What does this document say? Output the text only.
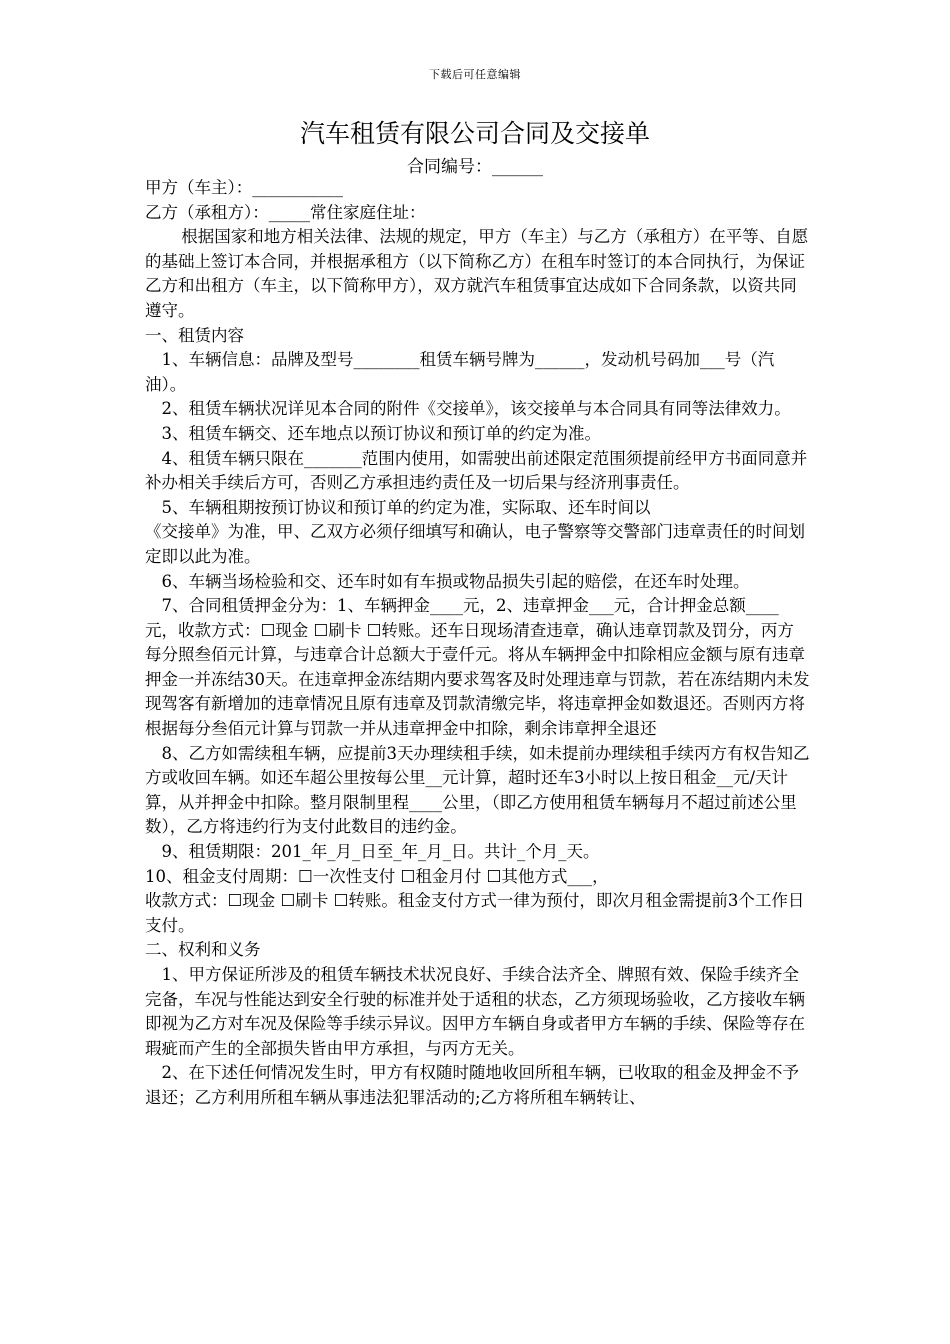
下载后可任意编辑
汽车租赁有限公司合同及交接单
合同编号：______

甲方（车主）：___________

乙方（承租方）：_____常住家庭住址：

根据国家和地方相关法律、法规的规定，甲方（车主）与乙方（承租方）在平等、自愿的基础上签订本合同，并根据承租方（以下简称乙方）在租车时签订的本合同执行，为保证乙方和出租方（车主，以下简称甲方），双方就汽车租赁事宜达成如下合同条款，以资共同遵守。

一、租赁内容

1、车辆信息：品牌及型号________租赁车辆号牌为______，发动机号码加___号（汽油）。

2、租赁车辆状况详见本合同的附件《交接单》，该交接单与本合同具有同等法律效力。

3、租赁车辆交、还车地点以预订协议和预订单的约定为准。

4、租赁车辆只限在_______范围内使用，如需驶出前述限定范围须提前经甲方书面同意并补办相关手续后方可，否则乙方承担违约责任及一切后果与经济刑事责任。

5、车辆租期按预订协议和预订单的约定为准，实际取、还车时间以

《交接单》为准，甲、乙双方必须仔细填写和确认，电子警察等交警部门违章责任的时间划定即以此为准。

6、车辆当场检验和交、还车时如有车损或物品损失引起的赔偿，在还车时处理。

7、合同租赁押金分为：1、车辆押金____元，2、违章押金___元，合计押金总额____元，收款方式：☐现金 ☐刷卡 ☐转账。还车日现场清查违章，确认违章罚款及罚分，丙方每分照叁佰元计算，与违章合计总额大于壹仟元。将从车辆押金中扣除相应金额与原有违章押金一并冻结30天。在违章押金冻结期内要求驾客及时处理违章与罚款，若在冻结期内未发现驾客有新增加的违章情况且原有违章及罚款清缴完毕，将违章押金如数退还。否则丙方将根据每分叁佰元计算与罚款一并从违章押金中扣除，剩余讳章押全退还

8、乙方如需续租车辆，应提前3天办理续租手续，如未提前办理续租手续丙方有权告知乙方或收回车辆。如还车超公里按每公里__元计算，超时还车3小时以上按日租金__元/天计算，从并押金中扣除。整月限制里程____公里，（即乙方使用租赁车辆每月不超过前述公里数），乙方将违约行为支付此数目的违约金。

9、租赁期限：201_年_月_日至_年_月_日。共计_个月_天。

10、租金支付周期：☐一次性支付 ☐租金月付 ☐其他方式___，

收款方式：☐现金 ☐刷卡 ☐转账。租金支付方式一律为预付，即次月租金需提前3个工作日支付。

二、权利和义务

1、甲方保证所涉及的租赁车辆技术状况良好、手续合法齐全、牌照有效、保险手续齐全完备，车况与性能达到安全行驶的标准并处于适租的状态，乙方须现场验收，乙方接收车辆即视为乙方对车况及保险等手续示异议。因甲方车辆自身或者甲方车辆的手续、保险等存在瑕疵而产生的全部损失皆由甲方承担，与丙方无关。

2、在下述任何情况发生时，甲方有权随时随地收回所租车辆，已收取的租金及押金不予退还；乙方利用所租车辆从事违法犯罪活动的;乙方将所租车辆转让、
